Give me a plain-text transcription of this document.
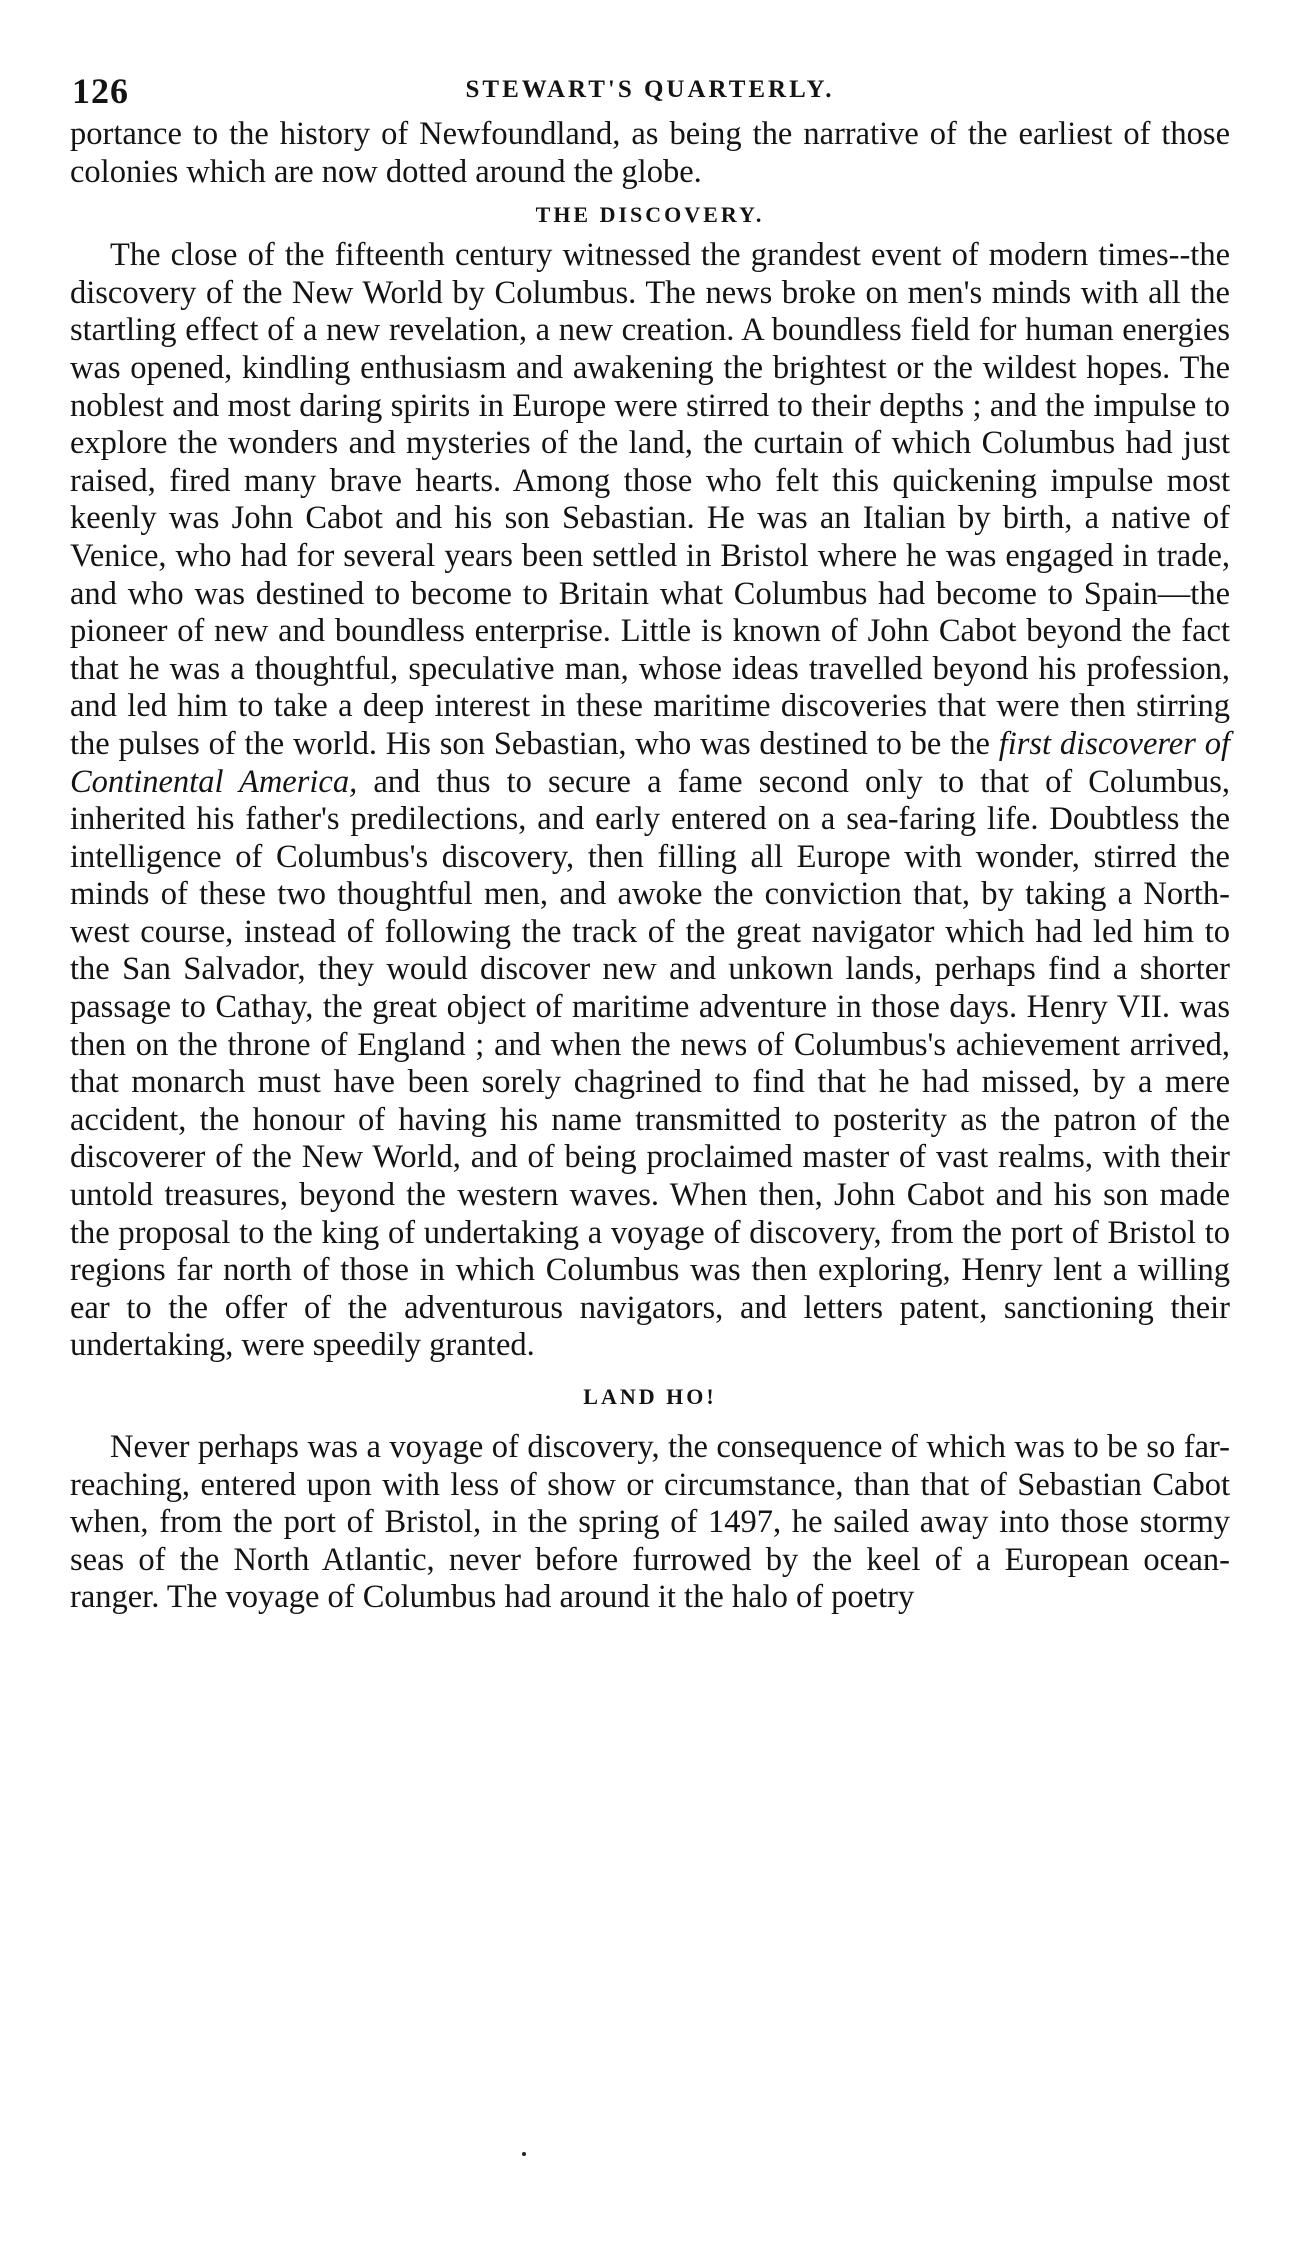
126	STEWART'S QUARTERLY.

portance to the history of Newfoundland, as being the narrative of the earliest of those colonies which are now dotted around the globe.

THE DISCOVERY.

The close of the fifteenth century witnessed the grandest event of modern times--the discovery of the New World by Columbus. The news broke on men's minds with all the startling effect of a new revelation, a new creation. A boundless field for human energies was opened, kindling enthusiasm and awakening the brightest or the wildest hopes. The noblest and most daring spirits in Europe were stirred to their depths ; and the impulse to explore the wonders and mysteries of the land, the curtain of which Columbus had just raised, fired many brave hearts. Among those who felt this quickening impulse most keenly was John Cabot and his son Sebastian. He was an Italian by birth, a native of Venice, who had for several years been settled in Bristol where he was engaged in trade, and who was destined to become to Britain what Columbus had become to Spain—the pioneer of new and boundless enterprise. Little is known of John Cabot beyond the fact that he was a thoughtful, speculative man, whose ideas travelled beyond his profession, and led him to take a deep interest in these maritime discoveries that were then stirring the pulses of the world. His son Sebastian, who was destined to be the first discoverer of Continental America, and thus to secure a fame second only to that of Columbus, inherited his father's predilections, and early entered on a sea-faring life. Doubtless the intelligence of Columbus's discovery, then filling all Europe with wonder, stirred the minds of these two thoughtful men, and awoke the conviction that, by taking a North-west course, instead of following the track of the great navigator which had led him to the San Salvador, they would discover new and unkown lands, perhaps find a shorter passage to Cathay, the great object of maritime adventure in those days. Henry VII. was then on the throne of England ; and when the news of Columbus's achievement arrived, that monarch must have been sorely chagrined to find that he had missed, by a mere accident, the honour of having his name transmitted to posterity as the patron of the discoverer of the New World, and of being proclaimed master of vast realms, with their untold treasures, beyond the western waves. When then, John Cabot and his son made the proposal to the king of undertaking a voyage of discovery, from the port of Bristol to regions far north of those in which Columbus was then exploring, Henry lent a willing ear to the offer of the adventurous navigators, and letters patent, sanctioning their undertaking, were speedily granted.

LAND HO!

Never perhaps was a voyage of discovery, the consequence of which was to be so far-reaching, entered upon with less of show or circumstance, than that of Sebastian Cabot when, from the port of Bristol, in the spring of 1497, he sailed away into those stormy seas of the North Atlantic, never before furrowed by the keel of a European ocean-ranger. The voyage of Columbus had around it the halo of poetry
